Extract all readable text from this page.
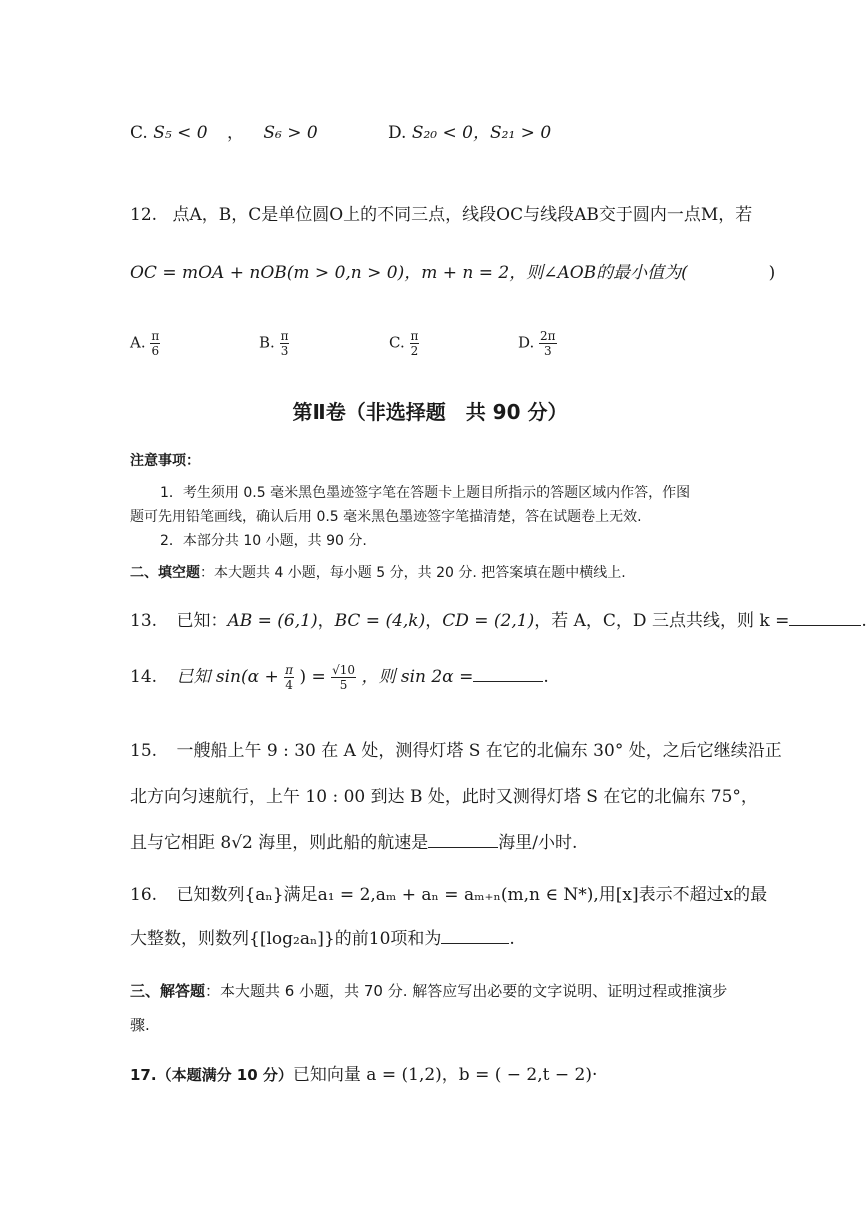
C. S₅ < 0 ， S₆ > 0	D. S₂₀ < 0，S₂₁ > 0
12. 点A，B，C是单位圆O上的不同三点，线段OC与线段AB交于圆内一点M，若
OC = mOA + nOB(m > 0,n > 0)，m + n = 2，则∠AOB的最小值为(	)
A. $\frac{\pi}{6}$	B. $\frac{\pi}{3}$	C. $\frac{\pi}{2}$	D. $\frac{2\pi}{3}$
第Ⅱ卷（非选择题　共 90 分）
注意事项：
1．考生须用 0.5 毫米黑色墨迹签字笔在答题卡上题目所指示的答题区域内作答，作图
题可先用铅笔画线，确认后用 0.5 毫米黑色墨迹签字笔描清楚，答在试题卷上无效.
2．本部分共 10 小题，共 90 分.
二、填空题：本大题共 4 小题，每小题 5 分，共 20 分. 把答案填在题中横线上.
13. 已知：AB = (6,1)，BC = (4,k)，CD = (2,1)，若 A，C，D 三点共线，则 k =	.
14. 已知 $\sin(\alpha + \frac{\pi}{4}$ ) = $\frac{√10}{5}$ ，则 sin 2α =	.
15. 一艘船上午 9 : 30 在 A 处，测得灯塔 S 在它的北偏东 30° 处，之后它继续沿正
北方向匀速航行，上午 10 : 00 到达 B 处，此时又测得灯塔 S 在它的北偏东 75°，
且与它相距 8√2 海里，则此船的航速是	海里/小时.
16. 已知数列{aₙ}满足a₁ = 2,aₘ + aₙ = aₘ₊ₙ(m,n ∈ N*),用[x]表示不超过x的最
大整数，则数列{[log₂aₙ]}的前10项和为	.
三、解答题：本大题共 6 小题，共 70 分. 解答应写出必要的文字说明、证明过程或推演步
骤.
17.（本题满分 10 分）已知向量 a = (1,2)，b = ( − 2,t − 2)·
